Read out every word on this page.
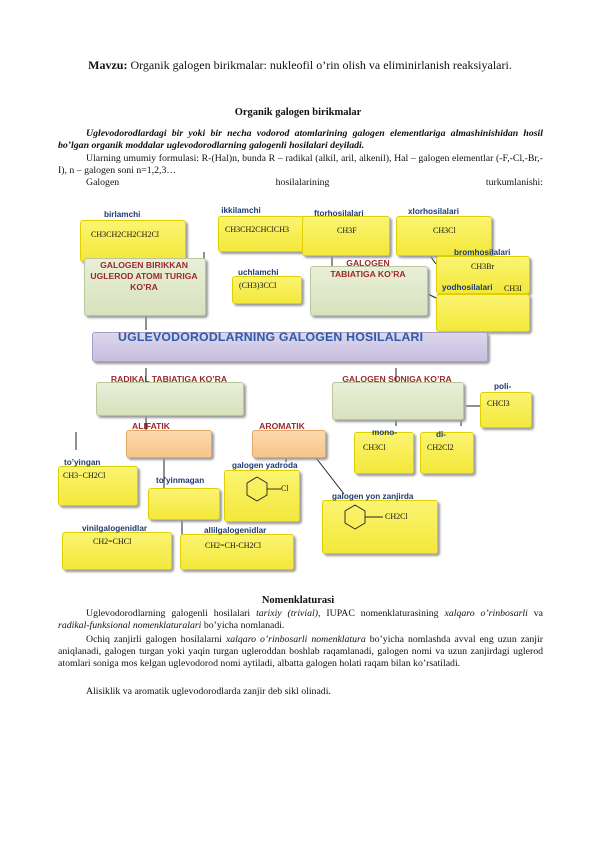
Mavzu: Organik galogen birikmalar: nukleofil o’rin olish va eliminirlanish reaksiyalari.
Organik galogen birikmalar
Uglevodorodlardagi bir yoki bir necha vodorod atomlarining galogen elementlariga almashinishidan hosil bo’lgan organik moddalar uglevodorodlarning galogenli hosilalari deyiladi.
Ularning umumiy formulasi: R-(Hal)n, bunda R – radikal (alkil, aril, alkenil), Hal – galogen elementlar (-F,-Cl,-Br,-I), n – galogen soni n=1,2,3…
Galogen hosilalarining turkumlanishi:
CH3CH2CH2CH2Cl
birlamchi
CH3CH2CHClCH3
ikkilamchi
CH3F
ftorhosilalari
CH3Cl
xlorhosilalari
CH3Br
bromhosilalari
yodhosilalari CH3I
GALOGEN BIRIKKAN UGLEROD ATOMI TURIGA KO’RA	(CH3)3CCl
uchlamchi
GALOGEN TABIATIGA KO’RA
UGLEVODORODLARNING GALOGEN HOSILALARI
RADIKAL TABIATIGA KO’RA	GALOGEN SONIGA KO’RA
CHCl3
poli-
ALIFATIK	AROMATIK
CH3Cl
mono-
CH2Cl2
di-
CH3−CH2Cl
to’yingan
to’yinmagan
Cl
galogen yadroda
CH2Cl
galogen yon zanjirda
CH2=CHCl
vinilgalogenidlar
CH2=CH-CH2Cl
allilgalogenidlar
Nomenklaturasi
Uglevodorodlarning galogenli hosilalari tarixiy (trivial), IUPAC nomenklaturasining xalqaro o’rinbosarli va radikal-funksional nomenklaturalari bo’yicha nomlanadi.
Ochiq zanjirli galogen hosilalarni xalqaro o’rinbosarli nomenklatura bo’yicha nomlashda avval eng uzun zanjir aniqlanadi, galogen turgan yoki yaqin turgan ugleroddan boshlab raqamlanadi, galogen nomi va uzun zanjirdagi uglerod atomlari soniga mos kelgan uglevodorod nomi aytiladi, albatta galogen holati raqam bilan ko’rsatiladi.
Alisiklik va aromatik uglevodorodlarda zanjir deb sikl olinadi.
